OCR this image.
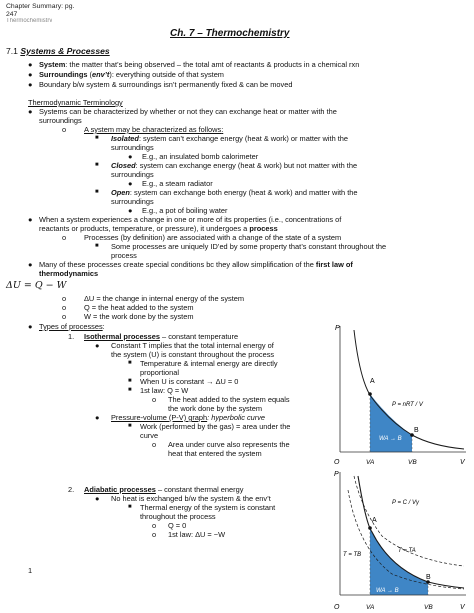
Chapter Summary: pg.
247
Thermochemistry
Ch. 7 – Thermochemistry
7.1 Systems & Processes
● System: the matter that’s being observed – the total amt of reactants & products in a chemical rxn
● Surroundings (env’t): everything outside of that system
● Boundary b/w system & surroundings isn’t permanently fixed & can be moved
Thermodynamic Terminology
● Systems can be characterized by whether or not they can exchange heat or matter with the
surroundings
o A system may be characterized as follows:
■ Isolated: system can’t exchange energy (heat & work) or matter with the
surroundings
● E.g., an insulated bomb calorimeter
■ Closed: system can exchange energy (heat & work) but not matter with the
surroundings
● E.g., a steam radiator
■ Open: system can exchange both energy (heat & work) and matter with the
surroundings
● E.g., a pot of boiling water
● When a system experiences a change in one or more of its properties (i.e., concentrations of
reactants or products, temperature, or pressure), it undergoes a process
o Processes (by definition) are associated with a change of the state of a system
■ Some processes are uniquely ID’ed by some property that’s constant throughout the
process
● Many of these processes create special conditions bc they allow simplification of the first law of
thermodynamics
ΔU = Q − W
o ΔU = the change in internal energy of the system
o Q = the heat added to the system
o W = the work done by the system
● Types of processes:
1. Isothermal processes – constant temperature
● Constant T implies that the total internal energy of
the system (U) is constant throughout the process
■ Temperature & internal energy are directly
proportional
■ When U is constant → ΔU = 0
■ 1st law: Q = W
o The heat added to the system equals
the work done by the system
● Pressure-volume (P-V) graph: hyperbolic curve
■ Work (performed by the gas) = area under the
curve
o Area under curve also represents the
heat that entered the system
2. Adiabatic processes – constant thermal energy
● No heat is exchanged b/w the system & the env’t
■ Thermal energy of the system is constant
throughout the process
o Q = 0
o 1st law: ΔU = −W
1
P
V
O
A
B
VA	VB
P = nRT / V
WA → B
P
V
O
A
B
VA	VB
P = C / Vγ
T = TA
T = TB
WA → B
